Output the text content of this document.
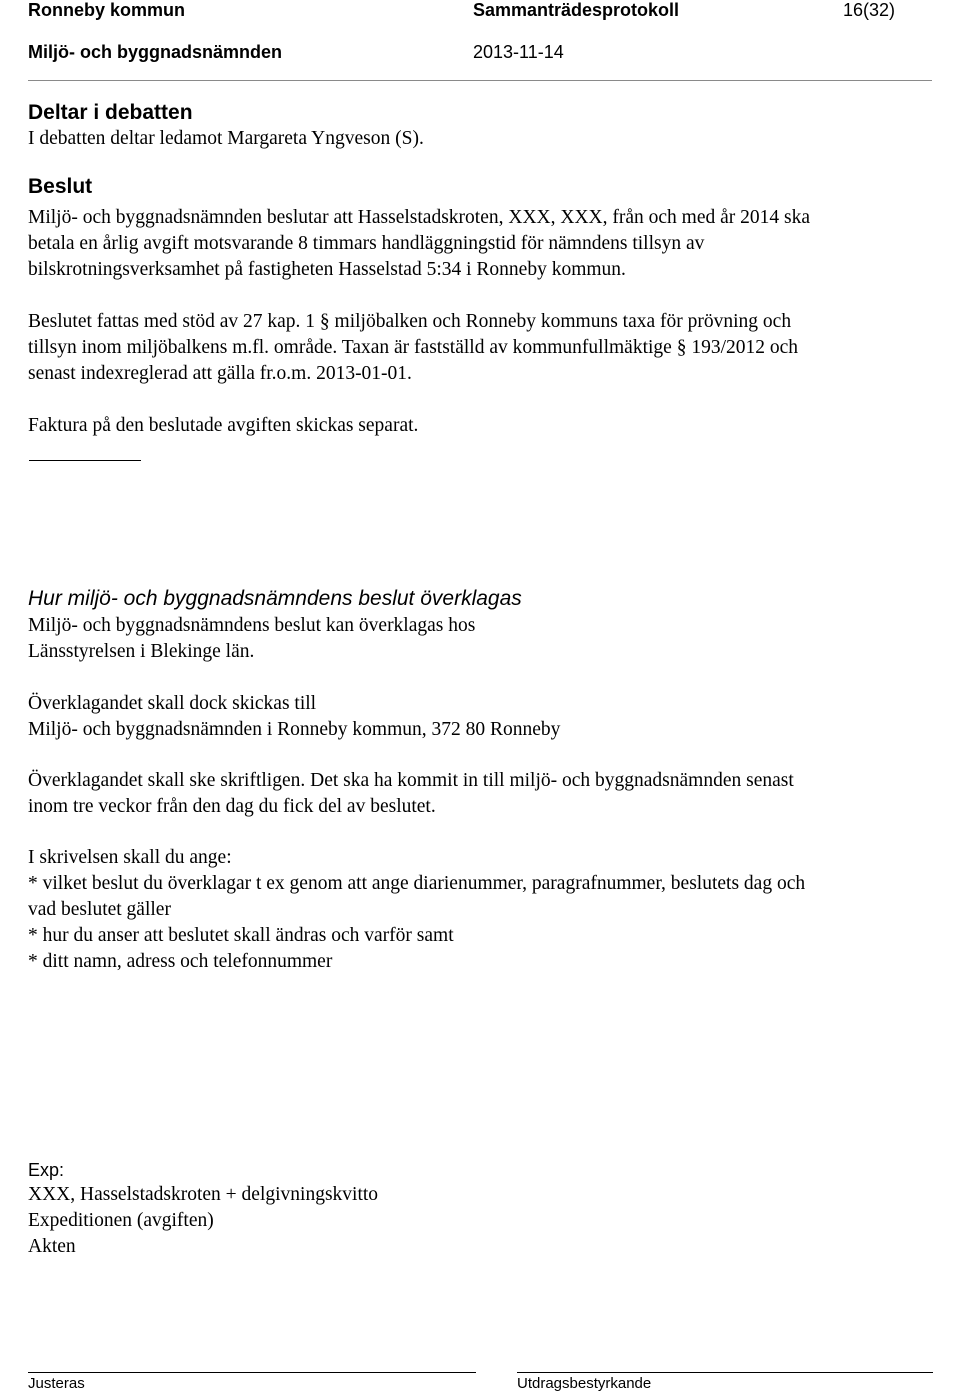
Ronneby kommun	Sammanträdesprotokoll	16(32)
Miljö- och byggnadsnämnden	2013-11-14
Deltar i debatten
I debatten deltar ledamot Margareta Yngveson (S).
Beslut
Miljö- och byggnadsnämnden beslutar att Hasselstadskroten, XXX, XXX, från och med år 2014 ska
betala en årlig avgift motsvarande 8 timmars handläggningstid för nämndens tillsyn av
bilskrotningsverksamhet på fastigheten Hasselstad 5:34 i Ronneby kommun.
Beslutet fattas med stöd av 27 kap. 1 § miljöbalken och Ronneby kommuns taxa för prövning och
tillsyn inom miljöbalkens m.fl. område. Taxan är fastställd av kommunfullmäktige § 193/2012 och
senast indexreglerad att gälla fr.o.m. 2013-01-01.
Faktura på den beslutade avgiften skickas separat.
Hur miljö- och byggnadsnämndens beslut överklagas
Miljö- och byggnadsnämndens beslut kan överklagas hos
Länsstyrelsen i Blekinge län.
Överklagandet skall dock skickas till
Miljö- och byggnadsnämnden i Ronneby kommun, 372 80 Ronneby
Överklagandet skall ske skriftligen. Det ska ha kommit in till miljö- och byggnadsnämnden senast
inom tre veckor från den dag du fick del av beslutet.
I skrivelsen skall du ange:
* vilket beslut du överklagar t ex genom att ange diarienummer, paragrafnummer, beslutets dag och
vad beslutet gäller
* hur du anser att beslutet skall ändras och varför samt
* ditt namn, adress och telefonnummer
Exp:
XXX, Hasselstadskroten + delgivningskvitto
Expeditionen (avgiften)
Akten
Justeras	Utdragsbestyrkande
